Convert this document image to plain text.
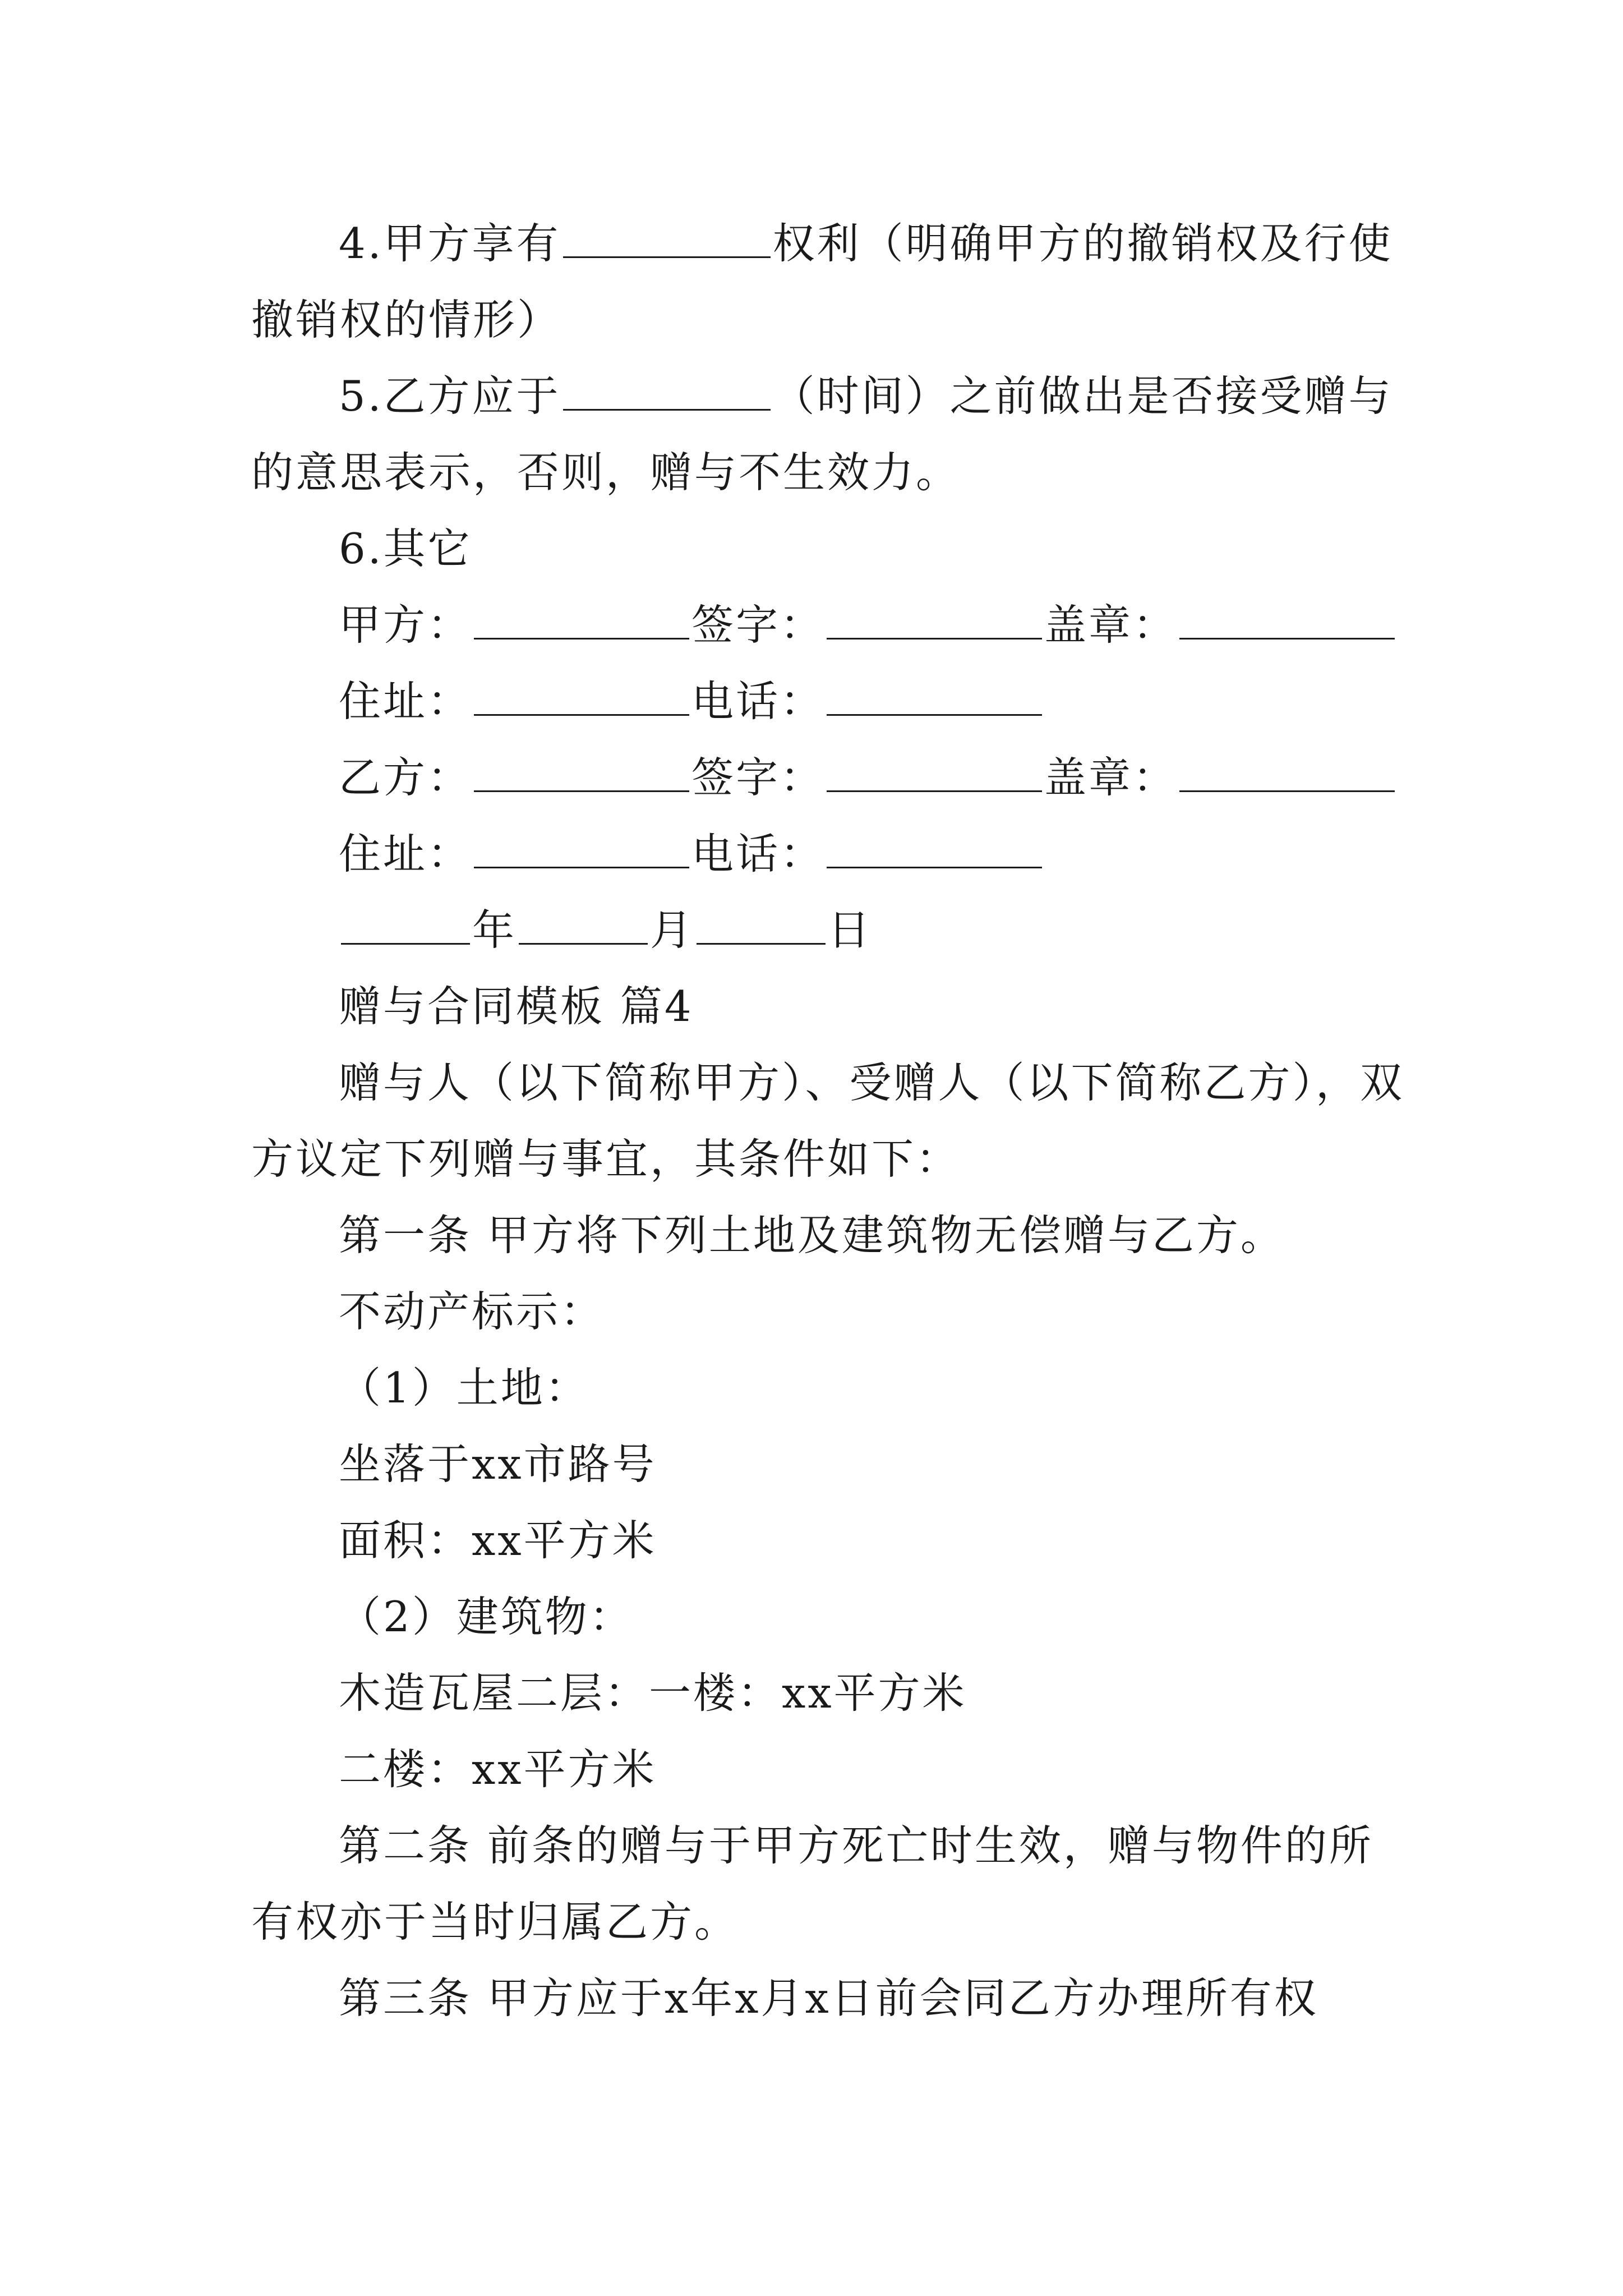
4.甲方享有	权利（明确甲方的撤销权及行使
撤销权的情形）
5.乙方应于	（时间）之前做出是否接受赠与
的意思表示，否则，赠与不生效力。
6.其它
甲方：	签字：	盖章：
住址：	电话：
乙方：	签字：	盖章：
住址：	电话：
年	月	日
赠与合同模板 篇4
赠与人（以下简称甲方）、受赠人（以下简称乙方），双
方议定下列赠与事宜，其条件如下：
第一条 甲方将下列土地及建筑物无偿赠与乙方。
不动产标示：
（1）土地：
坐落于xx市路号
面积：xx平方米
（2）建筑物：
木造瓦屋二层：一楼：xx平方米
二楼：xx平方米
第二条 前条的赠与于甲方死亡时生效，赠与物件的所
有权亦于当时归属乙方。
第三条 甲方应于x年x月x日前会同乙方办理所有权
